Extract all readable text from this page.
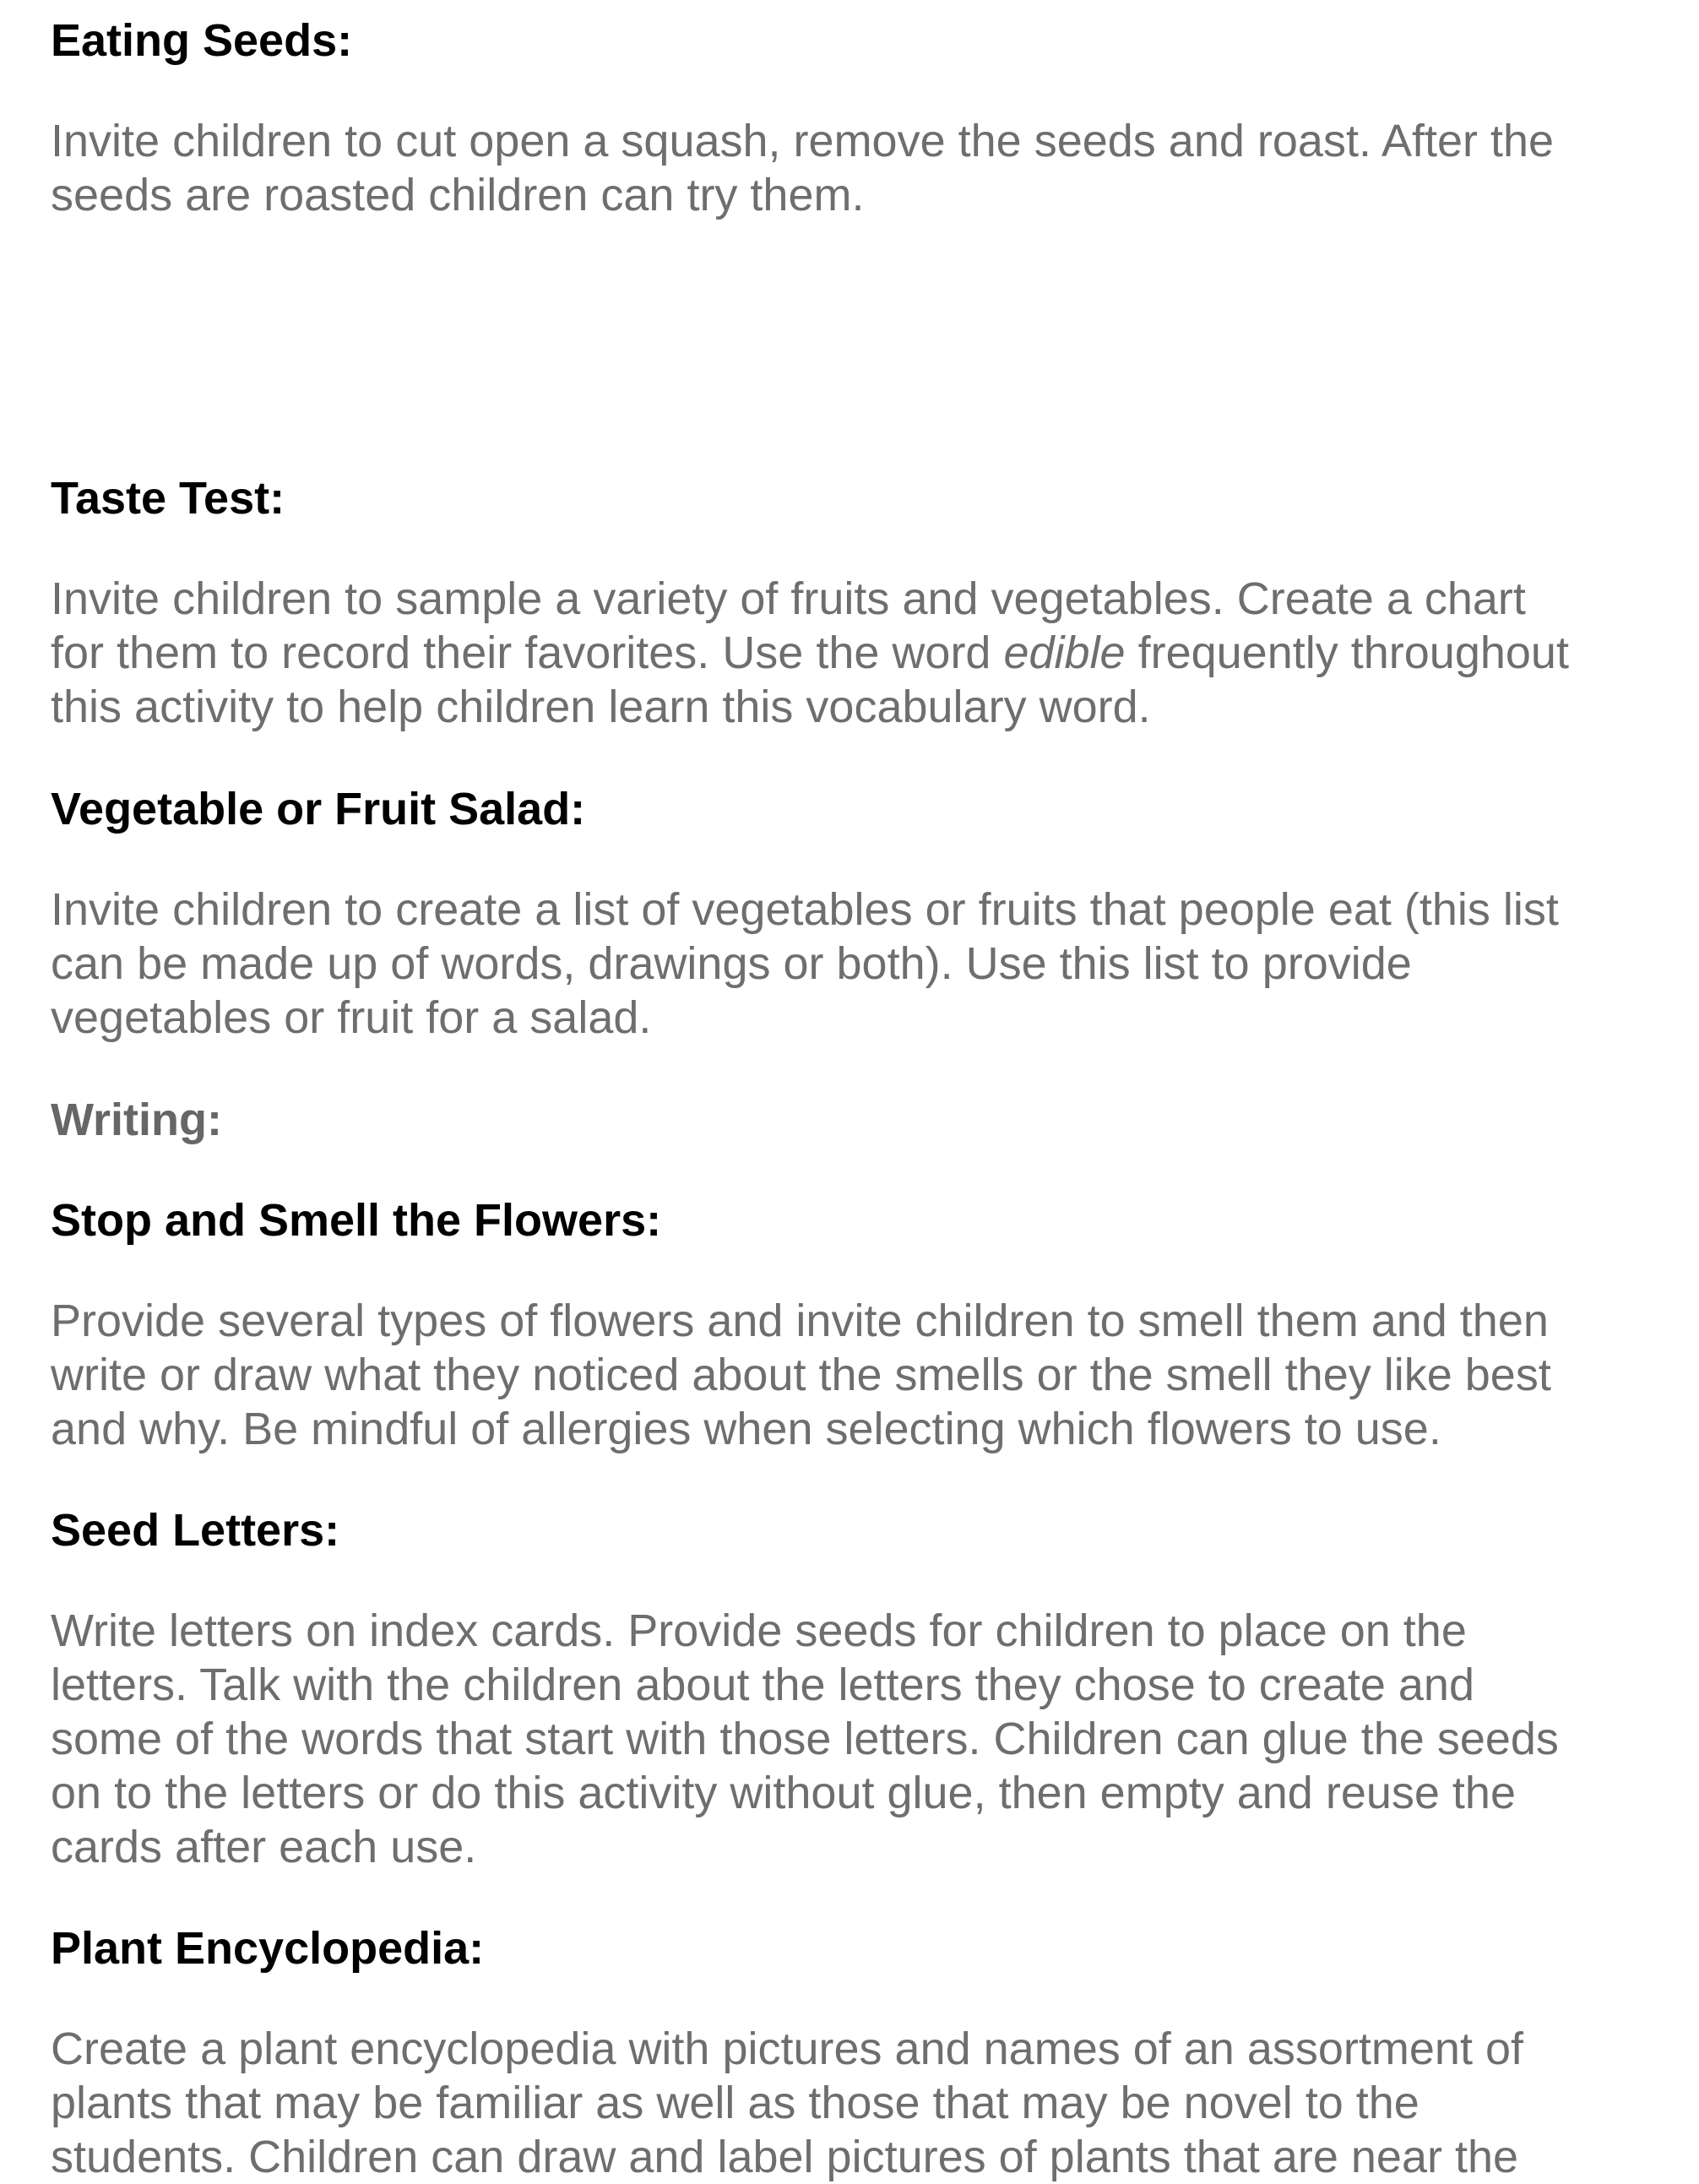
Eating Seeds:

Invite children to cut open a squash, remove the seeds and roast. After the
seeds are roasted children can try them.

Taste Test:

Invite children to sample a variety of fruits and vegetables. Create a chart
for them to record their favorites. Use the word edible frequently throughout
this activity to help children learn this vocabulary word.

Vegetable or Fruit Salad:

Invite children to create a list of vegetables or fruits that people eat (this list
can be made up of words, drawings or both). Use this list to provide
vegetables or fruit for a salad.

Writing:
Stop and Smell the Flowers:

Provide several types of flowers and invite children to smell them and then
write or draw what they noticed about the smells or the smell they like best
and why. Be mindful of allergies when selecting which flowers to use.

Seed Letters:

Write letters on index cards. Provide seeds for children to place on the
letters. Talk with the children about the letters they chose to create and
some of the words that start with those letters. Children can glue the seeds
on to the letters or do this activity without glue, then empty and reuse the
cards after each use.

Plant Encyclopedia:

Create a plant encyclopedia with pictures and names of an assortment of
plants that may be familiar as well as those that may be novel to the
students. Children can draw and label pictures of plants that are near the
